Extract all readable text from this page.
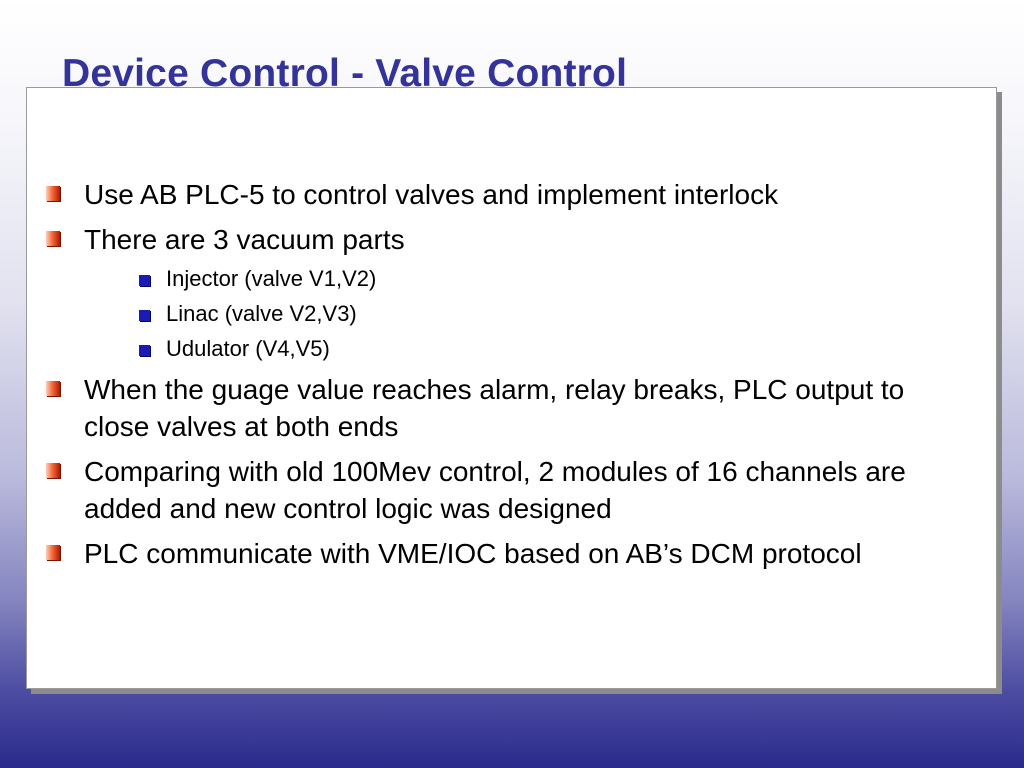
Device Control - Valve Control
Use AB PLC-5 to control valves and implement interlock
There are 3 vacuum parts
Injector (valve V1,V2)
Linac (valve V2,V3)
Udulator (V4,V5)
When the guage value reaches alarm, relay breaks, PLC output to close valves at both ends
Comparing with old 100Mev control, 2 modules of 16 channels are added and new control logic was designed
PLC communicate with VME/IOC based on AB’s DCM protocol
